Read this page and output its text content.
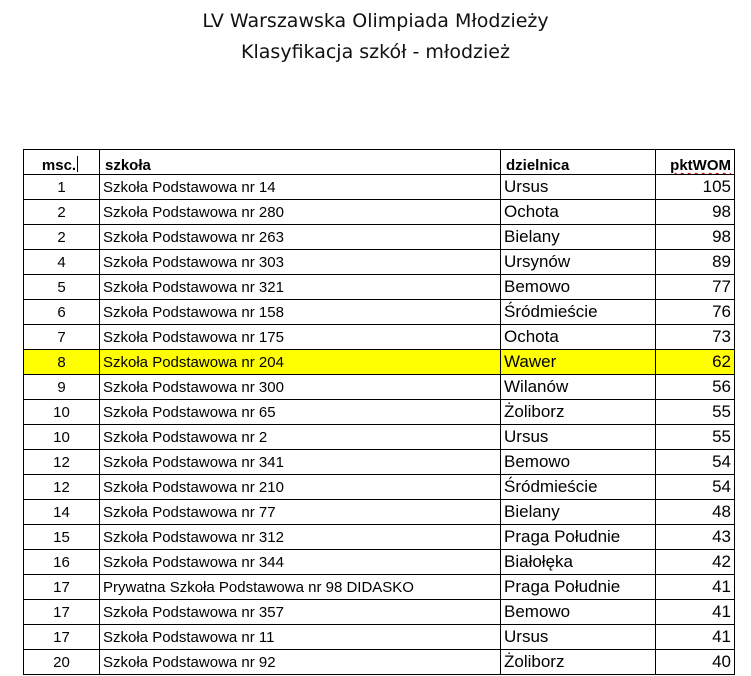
LV Warszawska Olimpiada Młodzieży
Klasyfikacja szkół - młodzież
msc.	szkoła	dzielnica	pktWOM
1	Szkoła Podstawowa nr 14	Ursus	105
2	Szkoła Podstawowa nr 280	Ochota	98
2	Szkoła Podstawowa nr 263	Bielany	98
4	Szkoła Podstawowa nr 303	Ursynów	89
5	Szkoła Podstawowa nr 321	Bemowo	77
6	Szkoła Podstawowa nr 158	Śródmieście	76
7	Szkoła Podstawowa nr 175	Ochota	73
8	Szkoła Podstawowa nr 204	Wawer	62
9	Szkoła Podstawowa nr 300	Wilanów	56
10	Szkoła Podstawowa nr 65	Żoliborz	55
10	Szkoła Podstawowa nr 2	Ursus	55
12	Szkoła Podstawowa nr 341	Bemowo	54
12	Szkoła Podstawowa nr 210	Śródmieście	54
14	Szkoła Podstawowa nr 77	Bielany	48
15	Szkoła Podstawowa nr 312	Praga Południe	43
16	Szkoła Podstawowa nr 344	Białołęka	42
17	Prywatna Szkoła Podstawowa nr 98 DIDASKO	Praga Południe	41
17	Szkoła Podstawowa nr 357	Bemowo	41
17	Szkoła Podstawowa nr 11	Ursus	41
20	Szkoła Podstawowa nr 92	Żoliborz	40
